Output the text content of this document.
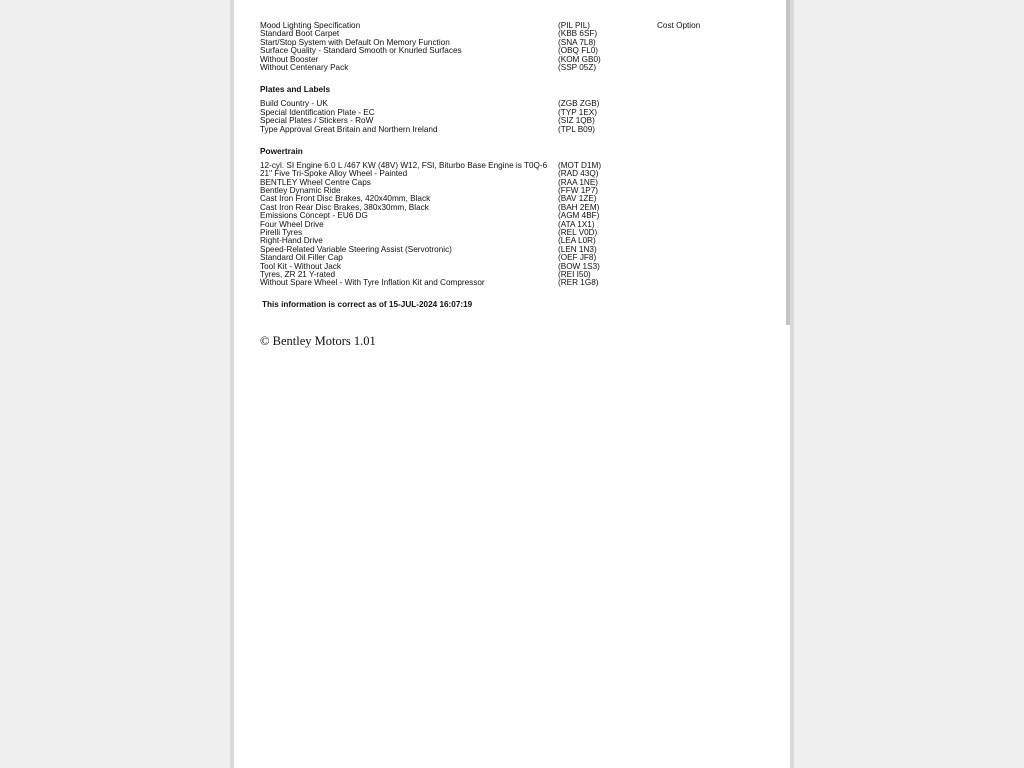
Mood Lighting Specification	(PIL PIL)	Cost Option
Standard Boot Carpet	(KBB 6SF)
Start/Stop System with Default On Memory Function	(SNA 7L8)
Surface Quality - Standard Smooth or Knurled Surfaces	(OBQ FL0)
Without Booster	(KOM GB0)
Without Centenary Pack	(SSP 05Z)
Plates and Labels
Build Country - UK	(ZGB ZGB)
Special Identification Plate - EC	(TYP 1EX)
Special Plates / Stickers - RoW	(SIZ 1QB)
Type Approval Great Britain and Northern Ireland	(TPL B09)
Powertrain
12-cyl. SI Engine 6.0 L /467 KW (48V) W12, FSI, Biturbo Base Engine is T0Q-6 (MOT D1M)
21" Five Tri-Spoke Alloy Wheel - Painted	(RAD 43Q)
BENTLEY Wheel Centre Caps	(RAA 1NE)
Bentley Dynamic Ride	(FFW 1P7)
Cast Iron Front Disc Brakes, 420x40mm, Black	(BAV 1ZE)
Cast Iron Rear Disc Brakes, 380x30mm, Black	(BAH 2EM)
Emissions Concept - EU6 DG	(AGM 4BF)
Four Wheel Drive	(ATA 1X1)
Pirelli Tyres	(REL V0D)
Right-Hand Drive	(LEA L0R)
Speed-Related Variable Steering Assist (Servotronic)	(LEN 1N3)
Standard Oil Filler Cap	(OEF JF8)
Tool Kit - Without Jack	(BOW 1S3)
Tyres, ZR 21 Y-rated	(REI I50)
Without Spare Wheel - With Tyre Inflation Kit and Compressor	(RER 1G8)
This information is correct as of 15-JUL-2024 16:07:19
© Bentley Motors 1.01
